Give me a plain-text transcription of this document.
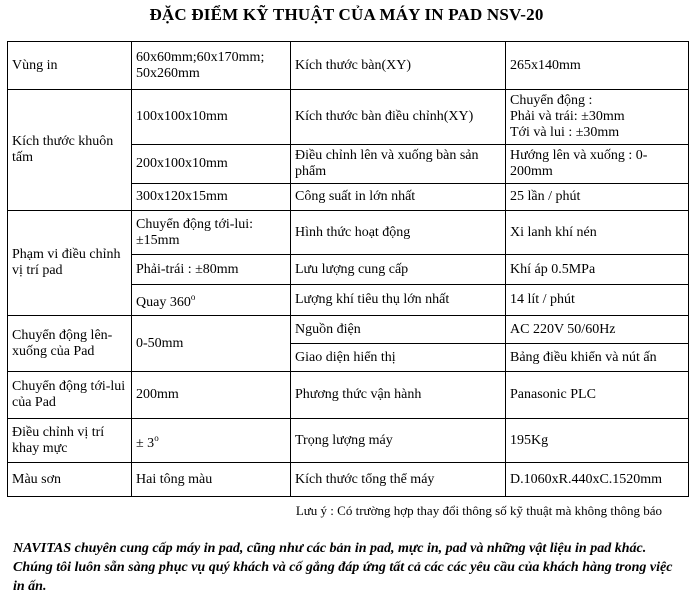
ĐẶC ĐIỂM KỸ THUẬT CỦA MÁY IN PAD NSV-20
Vùng in	60x60mm;60x170mm; 50x260mm	Kích thước bàn(XY)	265x140mm
Kích thước khuôn tấm	100x100x10mm	Kích thước bàn điều chỉnh(XY)	Chuyển động :
Phải và trái: ±30mm
Tới và lui : ±30mm

	200x100x10mm	Điều chỉnh lên và xuống bàn sản phẩm	Hướng lên và xuống : 0-200mm
	300x120x15mm	Công suất in lớn nhất	25 lần / phút
Phạm vi điều chỉnh vị trí pad	Chuyển động tới-lui: ±15mm	Hình thức hoạt động	Xi lanh khí nén
	Phải-trái : ±80mm	Lưu lượng cung cấp	Khí áp 0.5MPa
	Quay 360$^o$	Lượng khí tiêu thụ lớn nhất	14 lít / phút
Chuyển động lên-xuống của Pad	0-50mm	Nguồn điện	AC 220V 50/60Hz
		Giao diện hiển thị	Bảng điều khiển và nút ấn
Chuyển động tới-lui của Pad	200mm	Phương thức vận hành	Panasonic PLC
Điều chỉnh vị trí khay mực	± $3^o$	Trọng lượng máy	195Kg
Màu sơn	Hai tông màu	Kích thước tổng thể máy	D.1060xR.440xC.1520mm
Lưu ý : Có trường hợp thay đổi thông số kỹ thuật mà không thông báo
NAVITAS chuyên cung cấp máy in pad, cũng như các bản in pad, mực in, pad và những vật liệu in pad khác. Chúng tôi luôn sẵn sàng phục vụ quý khách và cố gắng đáp ứng tất cả các các yêu cầu của khách hàng trong việc in ấn.
